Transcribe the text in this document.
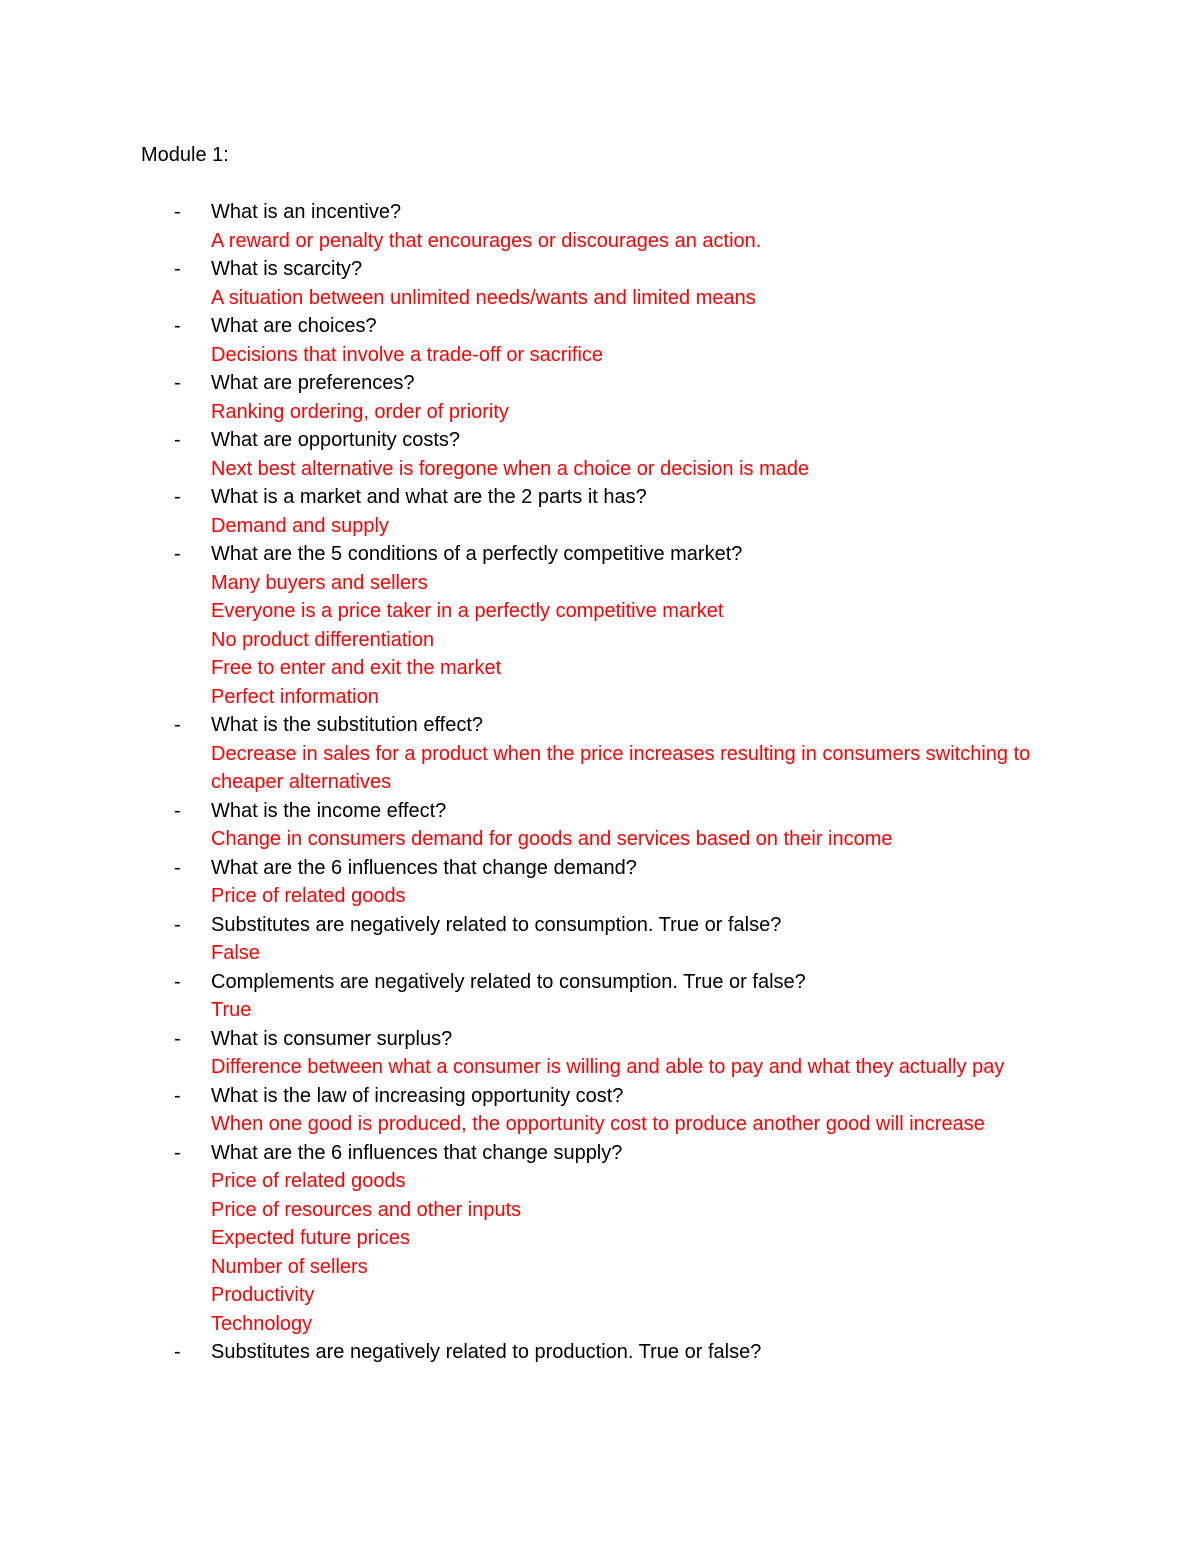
Module 1:
- What is an incentive?
A reward or penalty that encourages or discourages an action.
- What is scarcity?
A situation between unlimited needs/wants and limited means
- What are choices?
Decisions that involve a trade-off or sacrifice
- What are preferences?
Ranking ordering, order of priority
- What are opportunity costs?
Next best alternative is foregone when a choice or decision is made
- What is a market and what are the 2 parts it has?
Demand and supply
- What are the 5 conditions of a perfectly competitive market?
Many buyers and sellers
Everyone is a price taker in a perfectly competitive market
No product differentiation
Free to enter and exit the market
Perfect information
- What is the substitution effect?
Decrease in sales for a product when the price increases resulting in consumers switching to cheaper alternatives
- What is the income effect?
Change in consumers demand for goods and services based on their income
- What are the 6 influences that change demand?
Price of related goods
- Substitutes are negatively related to consumption. True or false?
False
- Complements are negatively related to consumption. True or false?
True
- What is consumer surplus?
Difference between what a consumer is willing and able to pay and what they actually pay
- What is the law of increasing opportunity cost?
When one good is produced, the opportunity cost to produce another good will increase
- What are the 6 influences that change supply?
Price of related goods
Price of resources and other inputs
Expected future prices
Number of sellers
Productivity
Technology
- Substitutes are negatively related to production. True or false?
